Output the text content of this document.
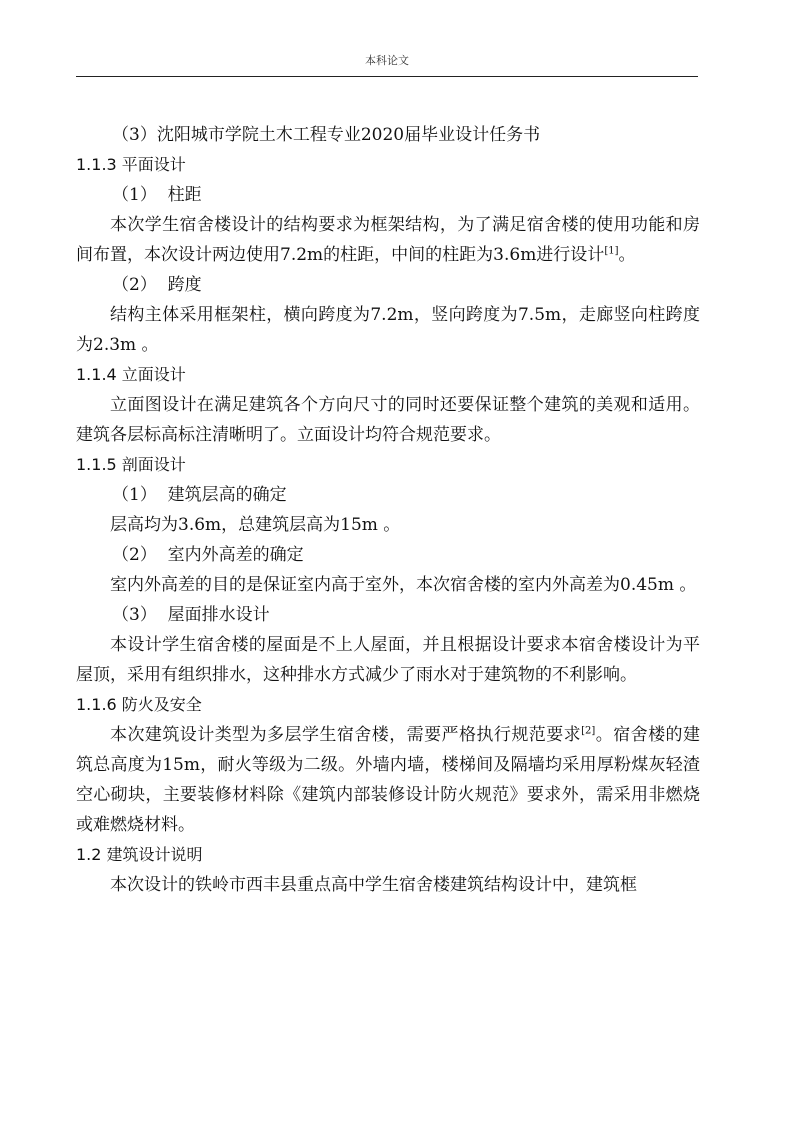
本科论文

（3）沈阳城市学院土木工程专业2020届毕业设计任务书

1.1.3 平面设计

（1）  柱距

本次学生宿舍楼设计的结构要求为框架结构，为了满足宿舍楼的使用功能和房间布置，本次设计两边使用7.2m的柱距，中间的柱距为3.6m进行设计[1]。

（2）  跨度

结构主体采用框架柱，横向跨度为7.2m，竖向跨度为7.5m，走廊竖向柱跨度为2.3m 。

1.1.4 立面设计

立面图设计在满足建筑各个方向尺寸的同时还要保证整个建筑的美观和适用。建筑各层标高标注清晰明了。立面设计均符合规范要求。

1.1.5 剖面设计

（1）  建筑层高的确定

层高均为3.6m，总建筑层高为15m 。

（2）  室内外高差的确定

室内外高差的目的是保证室内高于室外，本次宿舍楼的室内外高差为0.45m 。

（3）  屋面排水设计

本设计学生宿舍楼的屋面是不上人屋面，并且根据设计要求本宿舍楼设计为平屋顶，采用有组织排水，这种排水方式减少了雨水对于建筑物的不利影响。

1.1.6 防火及安全

本次建筑设计类型为多层学生宿舍楼，需要严格执行规范要求[2]。宿舍楼的建筑总高度为15m，耐火等级为二级。外墙内墙，楼梯间及隔墙均采用厚粉煤灰轻渣空心砌块，主要装修材料除《建筑内部装修设计防火规范》要求外，需采用非燃烧或难燃烧材料。

1.2 建筑设计说明

本次设计的铁岭市西丰县重点高中学生宿舍楼建筑结构设计中，建筑框
